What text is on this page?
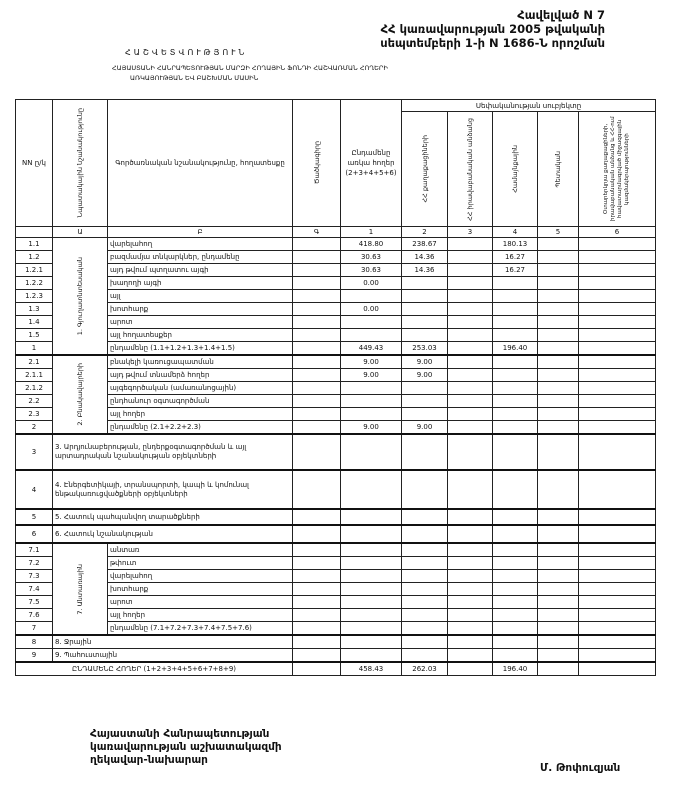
Հավելված N 7
ՀՀ կառավարության 2005 թվականի
սեպտեմբերի 1-ի N 1686-Ն որոշման
ՀԱՇՎԵՏՎՈՒԹՅՈՒՆ
ՀԱՅԱՍՏԱՆԻ ՀԱՆՐԱՊԵՏՈՒԹՅԱՆ ՄԱՐԶԻ ՀՈՂԱՅԻՆ ՖՈՆԴԻ ՀԱՇՎԱՌՄԱՆ ՀՈՂԵՐԻ
ԱՌԿԱՅՈՒԹՅԱՆ ԵՎ ԲԱՇԽՄԱՆ ՄԱՍԻՆ
NN ը/կ	Նպատակային նշանակությունը	Գործառնական նշանակությունը, հողատեսքը	Ծածկագիրը	Ընդամենը առկա հողեր (2+3+4+5+6)	Սեփականության սուբյեկտը				

					ՀՀ քաղաքացիների	ՀՀ իրավաբանական անձանց	Համայնքային	Պետական	Օտարերկրյա քաղաքացիների, իրավաբանական անձանց և ՀՀ-ում հավատարմագրված միջազգային կազմակերպությունների

	Ա	Բ	Գ	1	2	3	4	5	6
1.1	1. Գյուղատնտեսական	վարելահող		418.80	238.67		180.13		
1.2		բազմամյա տնկարկներ, ընդամենը		30.63	14.36		16.27		
1.2.1		այդ թվում պտղատու այգի		30.63	14.36		16.27		
1.2.2		խաղողի այգի		0.00					
1.2.3		այլ							
1.3		խոտհարք		0.00					
1.4		արոտ							
1.5		այլ հողատեսքեր							
1		ընդամենը (1.1+1.2+1.3+1.4+1.5)		449.43	253.03		196.40		
2.1	2. Բնակավայրերի	բնակելի կառուցապատման		9.00	9.00				
2.1.1		այդ թվում տնամերձ հողեր		9.00	9.00				
2.1.2		այգեգործական (ամառանոցային)							
2.2		ընդհանուր օգտագործման							
2.3		այլ հողեր							
2		ընդամենը (2.1+2.2+2.3)		9.00	9.00				
3	3. Արդյունաբերության, ընդերքօգտագործման և այլ արտադրական նշանակության օբյեկտների								
4	4. Էներգետիկայի, տրանսպորտի, կապի և կոմունալ ենթակառուցվածքների օբյեկտների								
5	5. Հատուկ պահպանվող տարածքների								
6	6. Հատուկ նշանակության								
7.1	7. Անտառային	անտառ							
7.2		թփուտ							
7.3		վարելահող							
7.4		խոտհարք							
7.5		արոտ							
7.6		այլ հողեր							
7		ընդամենը (7.1+7.2+7.3+7.4+7.5+7.6)							
8	8. Ջրային								
9	9. Պահուստային								
ԸՆԴԱՄԵՆԸ ՀՈՂԵՐ (1+2+3+4+5+6+7+8+9)				458.43	262.03		196.40		
Հայաստանի Հանրապետության
կառավարության աշխատակազմի
ղեկավար-նախարար
Մ. Թոփուզյան
